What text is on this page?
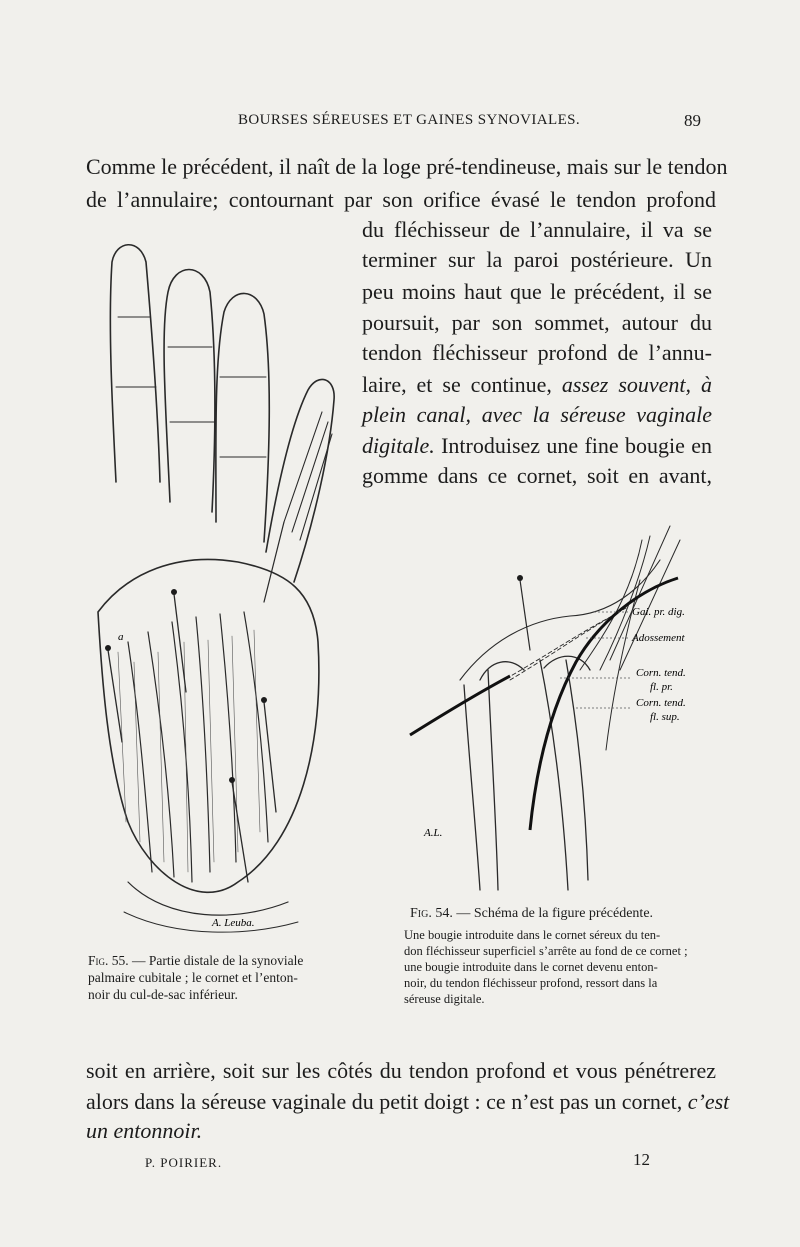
BOURSES SÉREUSES ET GAINES SYNOVIALES.	89
Comme le précédent, il naît de la loge pré-tendineuse, mais sur le tendon
de l’annulaire; contournant par son orifice évasé le tendon profond
du fléchisseur de l’annulaire, il va se
terminer sur la paroi postérieure. Un
peu moins haut que le précédent, il se
poursuit, par son sommet, autour du
tendon fléchisseur profond de l’annu-
laire, et se continue, assez souvent, à
plein canal, avec la séreuse vaginale
digitale. Introduisez une fine bougie en
gomme dans ce cornet, soit en avant,
a
A. Leuba.
Gai. pr. dig.
Adossement
Corn. tend.
fl. pr.
Corn. tend.
fl. sup.
A.L.
Fig. 55. — Partie distale de la synoviale
palmaire cubitale ; le cornet et l’enton-
noir du cul-de-sac inférieur.
Fig. 54. — Schéma de la figure précédente.
Une bougie introduite dans le cornet séreux du ten-
don fléchisseur superficiel s’arrête au fond de ce cornet ;
une bougie introduite dans le cornet devenu enton-
noir, du tendon fléchisseur profond, ressort dans la
séreuse digitale.
soit en arrière, soit sur les côtés du tendon profond et vous pénétrerez
alors dans la séreuse vaginale du petit doigt : ce n’est pas un cornet, c’est
un entonnoir.
P. POIRIER.	12
